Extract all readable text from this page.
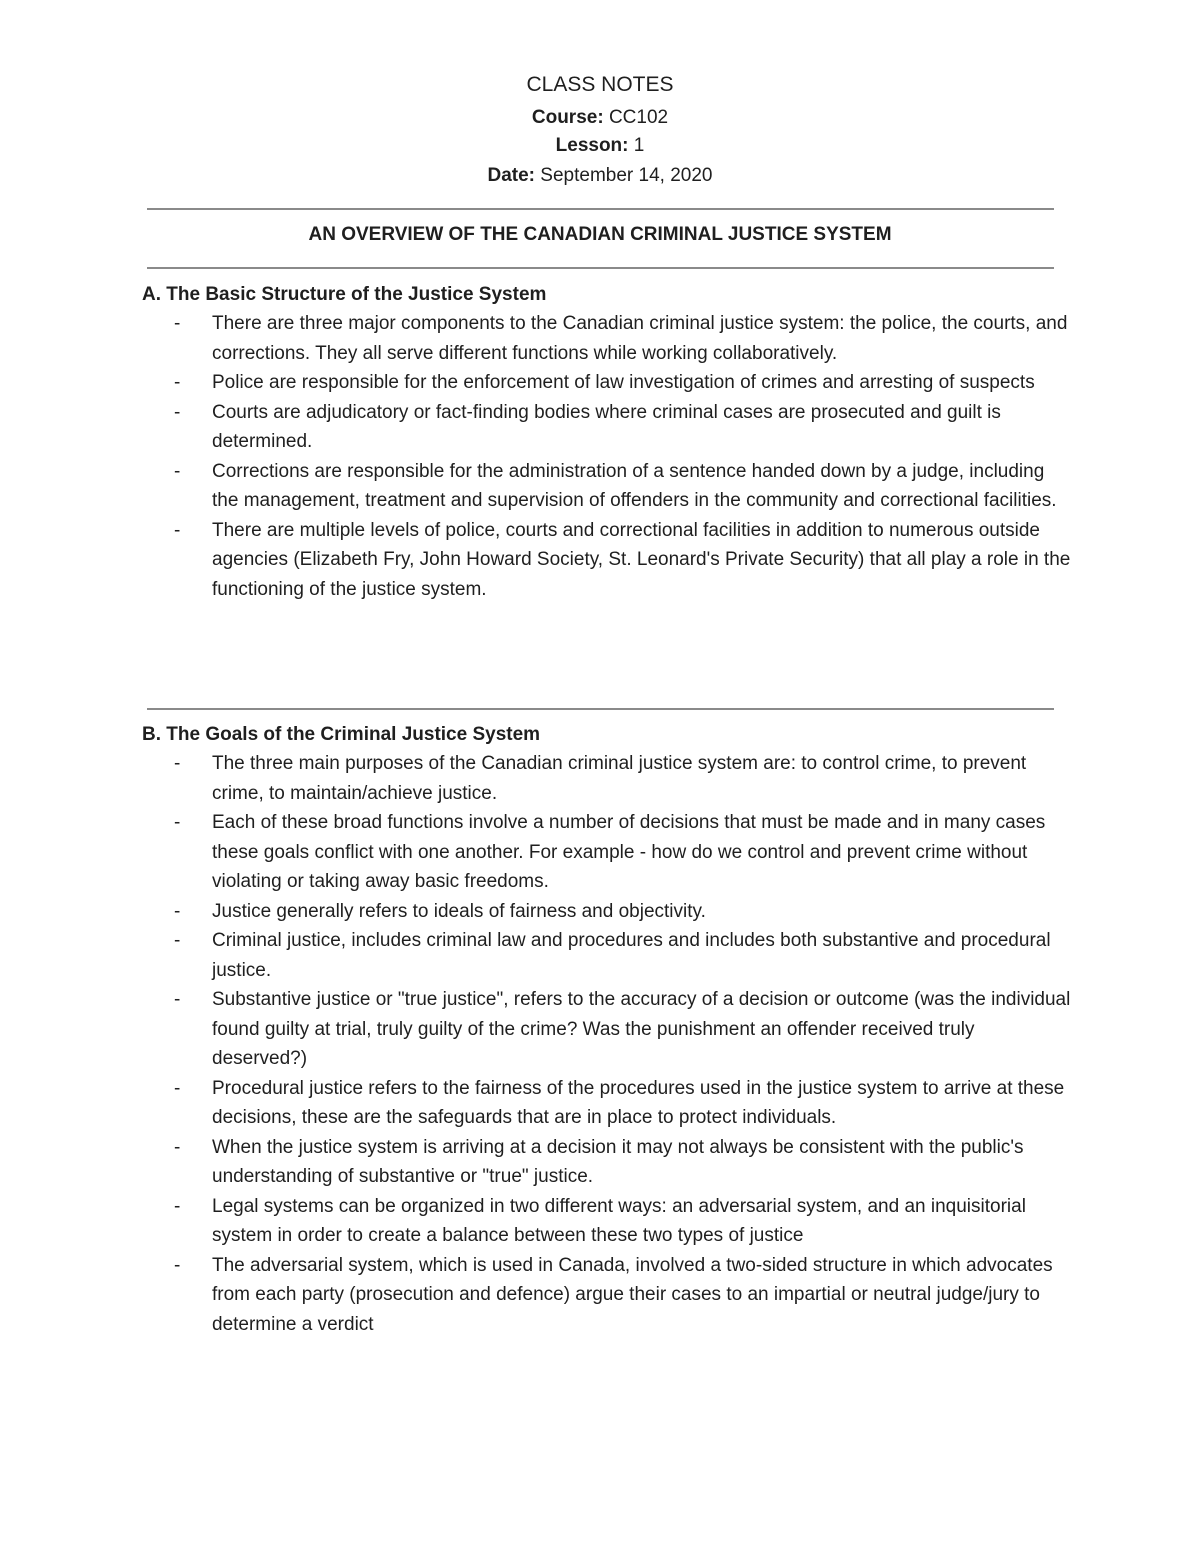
CLASS NOTES

Course: CC102

Lesson: 1

Date: September 14, 2020

AN OVERVIEW OF THE CANADIAN CRIMINAL JUSTICE SYSTEM
A. The Basic Structure of the Justice System
- There are three major components to the Canadian criminal justice system: the police, the courts, and corrections. They all serve different functions while working collaboratively.
- Police are responsible for the enforcement of law investigation of crimes and arresting of suspects
- Courts are adjudicatory or fact-finding bodies where criminal cases are prosecuted and guilt is determined.
- Corrections are responsible for the administration of a sentence handed down by a judge, including the management, treatment and supervision of offenders in the community and correctional facilities.
- There are multiple levels of police, courts and correctional facilities in addition to numerous outside agencies (Elizabeth Fry, John Howard Society, St. Leonard's Private Security) that all play a role in the functioning of the justice system.
B. The Goals of the Criminal Justice System
- The three main purposes of the Canadian criminal justice system are: to control crime, to prevent crime, to maintain/achieve justice.
- Each of these broad functions involve a number of decisions that must be made and in many cases these goals conflict with one another. For example - how do we control and prevent crime without violating or taking away basic freedoms.
- Justice generally refers to ideals of fairness and objectivity.
- Criminal justice, includes criminal law and procedures and includes both substantive and procedural justice.
- Substantive justice or "true justice", refers to the accuracy of a decision or outcome (was the individual found guilty at trial, truly guilty of the crime? Was the punishment an offender received truly deserved?)
- Procedural justice refers to the fairness of the procedures used in the justice system to arrive at these decisions, these are the safeguards that are in place to protect individuals.
- When the justice system is arriving at a decision it may not always be consistent with the public's understanding of substantive or "true" justice.
- Legal systems can be organized in two different ways: an adversarial system, and an inquisitorial system in order to create a balance between these two types of justice
- The adversarial system, which is used in Canada, involved a two-sided structure in which advocates from each party (prosecution and defence) argue their cases to an impartial or neutral judge/jury to determine a verdict
